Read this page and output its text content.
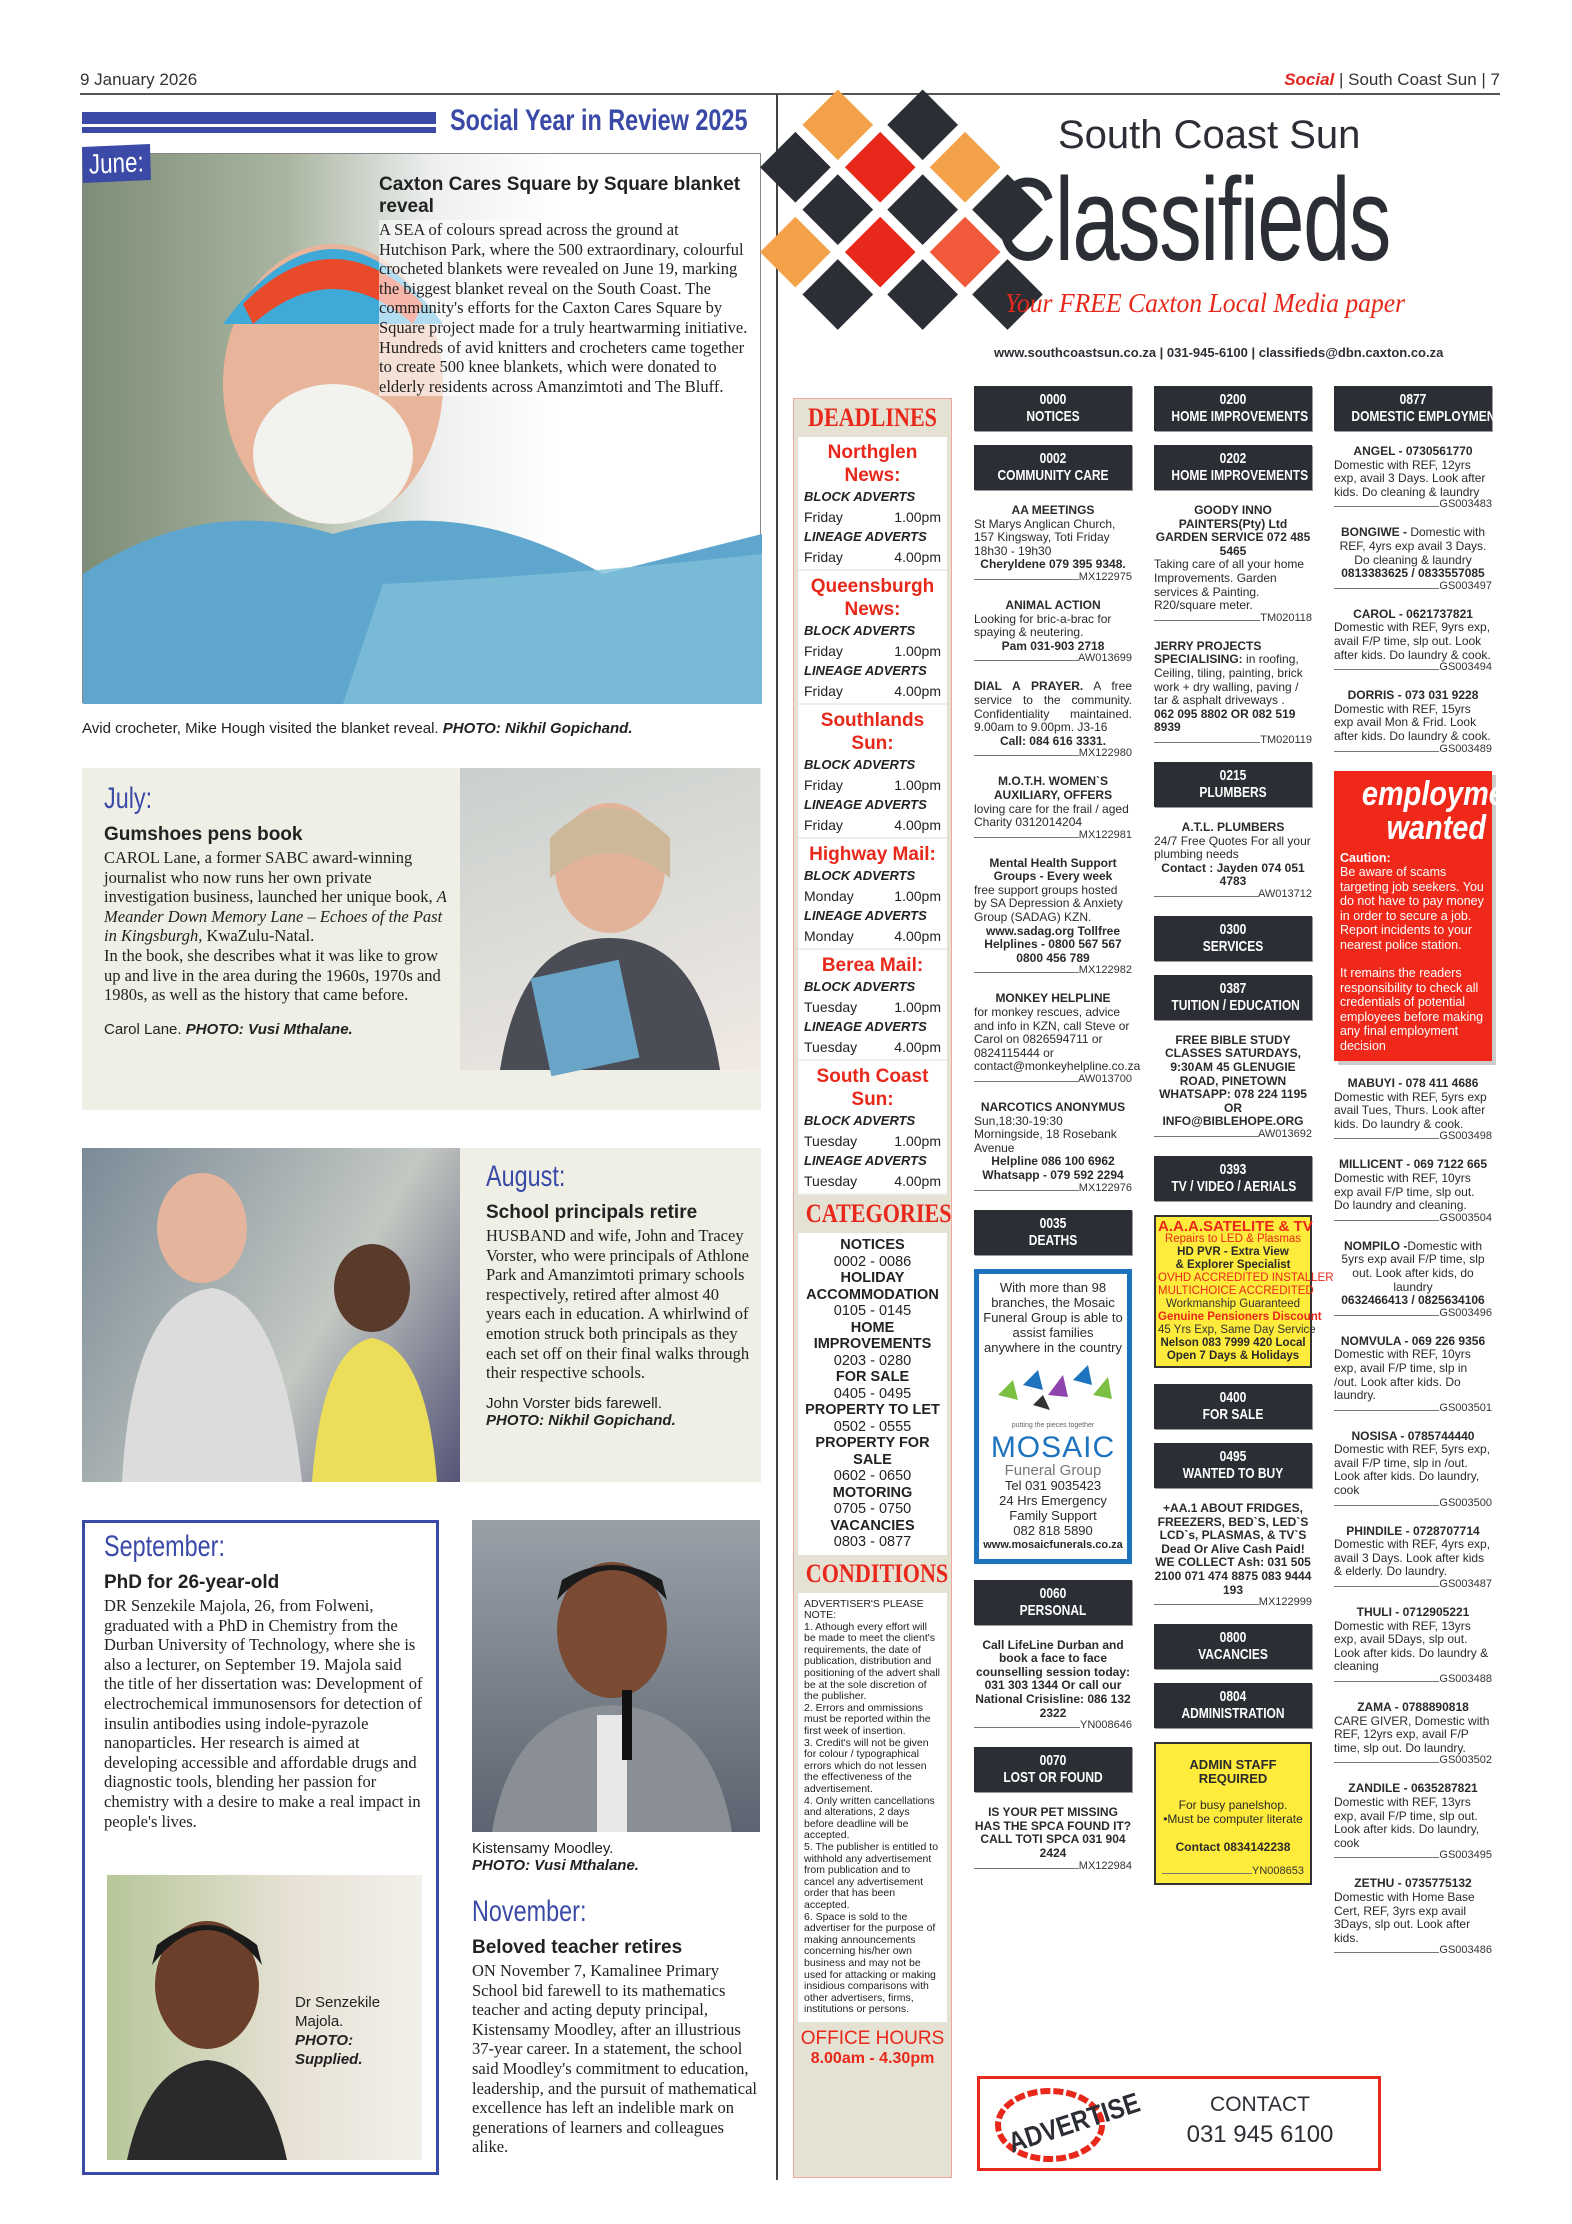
9 January 2026	Social | South Coast Sun | 7
Social Year in Review 2025
June:
Caxton Cares Square by Square blanket reveal
A SEA of colours spread across the ground at Hutchison Park, where the 500 extraordinary, colourful crocheted blankets were revealed on June 19, marking the biggest blanket reveal on the South Coast. The community's efforts for the Caxton Cares Square by Square project made for a truly heartwarming initiative. Hundreds of avid knitters and crocheters came together to create 500 knee blankets, which were donated to elderly residents across Amanzimtoti and The Bluff.
Avid crocheter, Mike Hough visited the blanket reveal. PHOTO: Nikhil Gopichand.
July:
Gumshoes pens book
CAROL Lane, a former SABC award-winning journalist who now runs her own private investigation business, launched her unique book, A Meander Down Memory Lane – Echoes of the Past in Kingsburgh, KwaZulu-Natal.
In the book, she describes what it was like to grow up and live in the area during the 1960s, 1970s and 1980s, as well as the history that came before.
Carol Lane. PHOTO: Vusi Mthalane.
August:
School principals retire
HUSBAND and wife, John and Tracey Vorster, who were principals of Athlone Park and Amanzimtoti primary schools respectively, retired after almost 40 years each in education. A whirlwind of emotion struck both principals as they each set off on their final walks through their respective schools.
John Vorster bids farewell.
PHOTO: Nikhil Gopichand.
September:
PhD for 26-year-old
DR Senzekile Majola, 26, from Folweni, graduated with a PhD in Chemistry from the Durban University of Technology, where she is also a lecturer, on September 19. Majola said the title of her dissertation was: Development of electrochemical immunosensors for detection of insulin antibodies using indole-pyrazole nanoparticles. Her research is aimed at developing accessible and affordable drugs and diagnostic tools, blending her passion for chemistry with a desire to make a real impact in people's lives.
Dr Senzekile Majola.
PHOTO: Supplied.
Kistensamy Moodley.
PHOTO: Vusi Mthalane.
November:
Beloved teacher retires
ON November 7, Kamalinee Primary School bid farewell to its mathematics teacher and acting deputy principal, Kistensamy Moodley, after an illustrious 37-year career. In a statement, the school said Moodley's commitment to education, leadership, and the pursuit of mathematical excellence has left an indelible mark on generations of learners and colleagues alike.
South Coast Sun
Classifieds
Your FREE Caxton Local Media paper
www.southcoastsun.co.za | 031-945-6100 | classifieds@dbn.caxton.co.za
DEADLINES
Northglen News:
BLOCK ADVERTS
Friday	1.00pm
LINEAGE ADVERTS
Friday	4.00pm
Queensburgh News:
BLOCK ADVERTS
Friday	1.00pm
LINEAGE ADVERTS
Friday	4.00pm
Southlands Sun:
BLOCK ADVERTS
Friday	1.00pm
LINEAGE ADVERTS
Friday	4.00pm
Highway Mail:
BLOCK ADVERTS
Monday	1.00pm
LINEAGE ADVERTS
Monday	4.00pm
Berea Mail:
BLOCK ADVERTS
Tuesday	1.00pm
LINEAGE ADVERTS
Tuesday	4.00pm
South Coast Sun:
BLOCK ADVERTS
Tuesday	1.00pm
LINEAGE ADVERTS
Tuesday	4.00pm
CATEGORIES
NOTICES
0002 - 0086
HOLIDAY ACCOMMODATION
0105 - 0145
HOME IMPROVEMENTS
0203 - 0280
FOR SALE
0405 - 0495
PROPERTY TO LET
0502 - 0555
PROPERTY FOR SALE
0602 - 0650
MOTORING
0705 - 0750
VACANCIES
0803 - 0877
CONDITIONS
ADVERTISER'S PLEASE NOTE:
1. Athough every effort will be made to meet the client's requirements, the date of publication, distribution and positioning of the advert shall be at the sole discretion of the publisher.
2. Errors and ommissions must be reported within the first week of insertion.
3. Credit's will not be given for colour / typographical errors which do not lessen the effectiveness of the advertisement.
4. Only written cancellations and alterations, 2 days before deadline will be accepted.
5. The publisher is entitled to withhold any advertisement from publication and to cancel any advertisement order that has been accepted.
6. Space is sold to the advertiser for the purpose of making announcements concerning his/her own business and may not be used for attacking or making insidious comparisons with other advertisers, firms, institutions or persons.
OFFICE HOURS
8.00am - 4.30pm
0000
NOTICES
0002
COMMUNITY CARE
AA MEETINGS
St Marys Anglican Church, 157 Kingsway, Toti Friday 18h30 - 19h30
Cheryldene 079 395 9348.
MX122975
ANIMAL ACTION
Looking for bric-a-brac for spaying & neutering.
Pam 031-903 2718
AW013699
DIAL A PRAYER. A free service to the community. Confidentiality maintained. 9.00am to 9.00pm. J3-16
Call: 084 616 3331.
MX122980
M.O.T.H. WOMEN`S AUXILIARY, OFFERS
loving care for the frail / aged Charity 0312014204
MX122981
Mental Health Support Groups - Every week
free support groups hosted by SA Depression & Anxiety Group (SADAG) KZN.
www.sadag.org Tollfree Helplines - 0800 567 567 0800 456 789
MX122982
MONKEY HELPLINE
for monkey rescues, advice and info in KZN, call Steve or Carol on 0826594711 or 0824115444 or contact@monkeyhelpline.co.za
AW013700
NARCOTICS ANONYMUS
Sun,18:30-19:30 Morningside, 18 Rosebank Avenue
Helpline 086 100 6962 Whatsapp - 079 592 2294
MX122976
0035
DEATHS
With more than 98 branches, the Mosaic Funeral Group is able to assist families anywhere in the country
putting the pieces together
MOSAIC
Funeral Group
Tel 031 9035423
24 Hrs Emergency Family Support
082 818 5890
www.mosaicfunerals.co.za
0060
PERSONAL
Call LifeLine Durban and book a face to face counselling session today: 031 303 1344 Or call our National Crisisline: 086 132 2322
YN008646
0070
LOST OR FOUND
IS YOUR PET MISSING HAS THE SPCA FOUND IT? CALL TOTI SPCA 031 904 2424
MX122984
0200
HOME IMPROVEMENTS
0202
HOME IMPROVEMENTS
GOODY INNO PAINTERS(Pty) Ltd GARDEN SERVICE 072 485 5465
Taking care of all your home Improvements. Garden services & Painting. R20/square meter.
TM020118
JERRY PROJECTS SPECIALISING: in roofing, Ceiling, tiling, painting, brick work + dry walling, paving / tar & asphalt driveways .
062 095 8802 OR 082 519 8939
TM020119
0215
PLUMBERS
A.T.L. PLUMBERS
24/7 Free Quotes For all your plumbing needs
Contact : Jayden 074 051 4783
AW013712
0300
SERVICES
0387
TUITION / EDUCATION
FREE BIBLE STUDY CLASSES SATURDAYS, 9:30AM 45 GLENUGIE ROAD, PINETOWN WHATSAPP: 078 224 1195 OR INFO@BIBLEHOPE.ORG
AW013692
0393
TV / VIDEO / AERIALS
A.A.A.SATELITE & TV
Repairs to LED & Plasmas
HD PVR - Extra View
& Explorer Specialist
OVHD ACCREDITED INSTALLER
MULTICHOICE ACCREDITED
Workmanship Guaranteed
Genuine Pensioners Discount
45 Yrs Exp, Same Day Service
Nelson 083 7999 420 Local
Open 7 Days & Holidays
0400
FOR SALE
0495
WANTED TO BUY
+AA.1 ABOUT FRIDGES, FREEZERS, BED`S, LED`S LCD`s, PLASMAS, & TV`S Dead Or Alive Cash Paid! WE COLLECT Ash: 031 505 2100 071 474 8875 083 9444 193
MX122999
0800
VACANCIES
0804
ADMINISTRATION
ADMIN STAFF REQUIRED
For busy panelshop. •Must be computer literate
Contact 0834142238
YN008653
0877
DOMESTIC EMPLOYMENT WANTED
ANGEL - 0730561770
Domestic with REF, 12yrs exp, avail 3 Days. Look after kids. Do cleaning & laundry
GS003483
BONGIWE - Domestic with REF, 4yrs exp avail 3 Days. Do cleaning & laundry
0813383625 / 0833557085
GS003497
CAROL - 0621737821
Domestic with REF, 9yrs exp, avail F/P time, slp out. Look after kids. Do laundry & cook.
GS003494
DORRIS - 073 031 9228
Domestic with REF, 15yrs exp avail Mon & Frid. Look after kids. Do laundry & cook.
GS003489
employment
wanted
Caution:
Be aware of scams targeting job seekers. You do not have to pay money in order to secure a job. Report incidents to your nearest police station.
It remains the readers responsibility to check all credentials of potential employees before making any final employment decision
MABUYI - 078 411 4686
Domestic with REF, 5yrs exp avail Tues, Thurs. Look after kids. Do laundry & cook.
GS003498
MILLICENT - 069 7122 665
Domestic with REF, 10yrs exp avail F/P time, slp out. Do laundry and cleaning.
GS003504
NOMPILO -Domestic with 5yrs exp avail F/P time, slp out. Look after kids, do laundry
0632466413 / 0825634106
GS003496
NOMVULA - 069 226 9356
Domestic with REF, 10yrs exp, avail F/P time, slp in /out. Look after kids. Do laundry.
GS003501
NOSISA - 0785744440
Domestic with REF, 5yrs exp, avail F/P time, slp in /out. Look after kids. Do laundry, cook
GS003500
PHINDILE - 0728707714
Domestic with REF, 4yrs exp, avail 3 Days. Look after kids & elderly. Do laundry.
GS003487
THULI - 0712905221
Domestic with REF, 13yrs exp, avail 5Days, slp out. Look after kids. Do laundry & cleaning
GS003488
ZAMA - 0788890818
CARE GIVER, Domestic with REF, 12yrs exp, avail F/P time, slp out. Do laundry.
GS003502
ZANDILE - 0635287821
Domestic with REF, 13yrs exp, avail F/P time, slp out. Look after kids. Do laundry, cook
GS003495
ZETHU - 0735775132
Domestic with Home Base Cert, REF, 3yrs exp avail 3Days, slp out. Look after kids.
GS003486
ADVERTISE	CONTACT
031 945 6100
